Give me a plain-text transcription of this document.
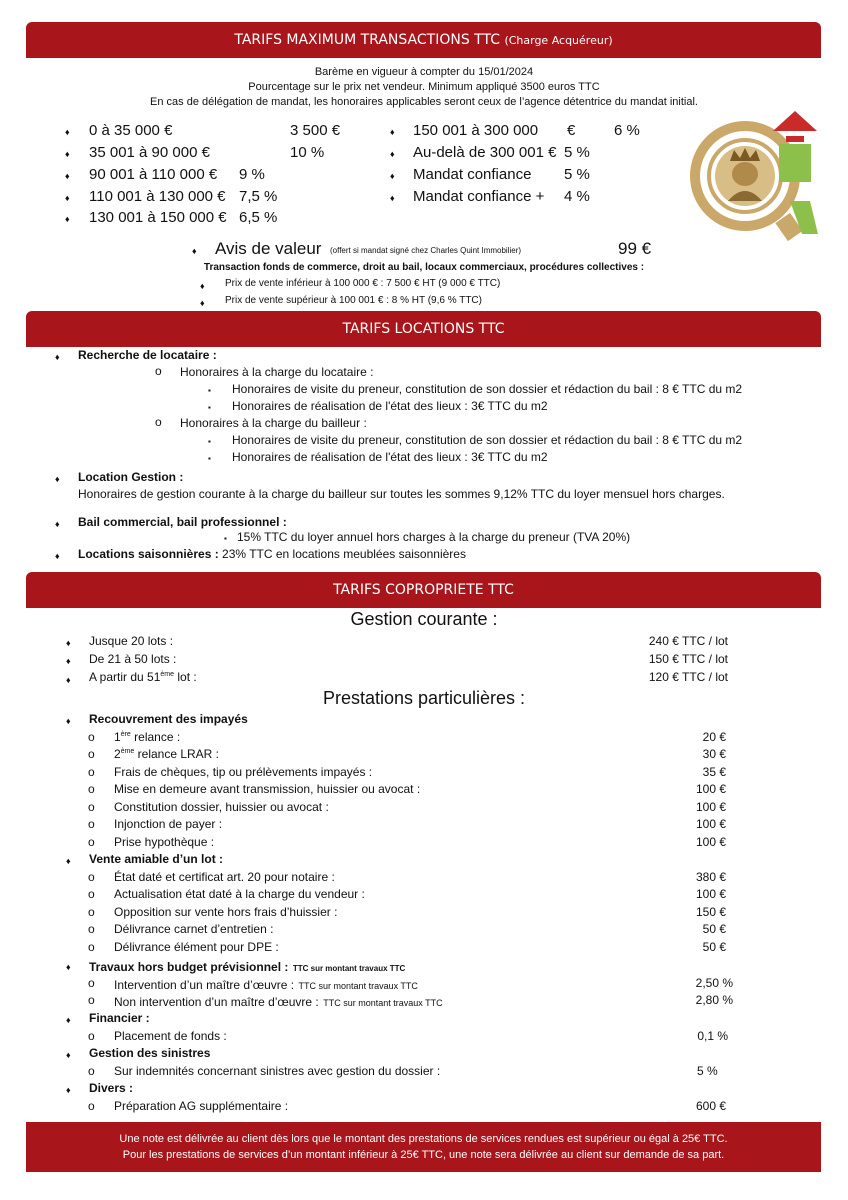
TARIFS MAXIMUM TRANSACTIONS TTC (Charge Acquéreur)
Barème en vigueur à compter du 15/01/2024
Pourcentage sur le prix net vendeur. Minimum appliqué 3500 euros TTC
En cas de délégation de mandat, les honoraires applicables seront ceux de l’agence détentrice du mandat initial.
♦ 0 à 35 000 €	3 500 €
♦ 35 001 à 90 000 €	10 %
♦ 90 001 à 110 000 € 9 %
♦ 110 001 à 130 000 € 7,5 %
♦ 130 001 à 150 000 € 6,5 %
♦ 150 001 à 300 000 €	6 %
♦ Au-delà de 300 001 € 5 %
♦ Mandat confiance 5 %
♦ Mandat confiance + 4 %
♦ Avis de valeur (offert si mandat signé chez Charles Quint Immobilier)	99 €
Transaction fonds de commerce, droit au bail, locaux commerciaux, procédures collectives :
♦ Prix de vente inférieur à 100 000 € : 7 500 € HT (9 000 € TTC)
♦ Prix de vente supérieur à 100 001 € : 8 % HT (9,6 % TTC)
TARIFS LOCATIONS TTC
♦ Recherche de locataire :
o Honoraires à la charge du locataire :
▪ Honoraires de visite du preneur, constitution de son dossier et rédaction du bail : 8 € TTC du m2
▪ Honoraires de réalisation de l'état des lieux : 3€ TTC du m2
o Honoraires à la charge du bailleur :
▪ Honoraires de visite du preneur, constitution de son dossier et rédaction du bail : 8 € TTC du m2
▪ Honoraires de réalisation de l'état des lieux : 3€ TTC du m2
♦ Location Gestion :
Honoraires de gestion courante à la charge du bailleur sur toutes les sommes 9,12% TTC du loyer mensuel hors charges.
♦ Bail commercial, bail professionnel :
▪ 15% TTC du loyer annuel hors charges à la charge du preneur (TVA 20%)
♦ Locations saisonnières : 23% TTC en locations meublées saisonnières
TARIFS COPROPRIETE TTC
Gestion courante :
♦ Jusque 20 lots :	240 € TTC / lot
♦ De 21 à 50 lots :	150 € TTC / lot
♦ A partir du 51ème lot :	120 € TTC / lot
Prestations particulières :
♦ Recouvrement des impayés
o 1ère relance :	20 €
o 2ème relance LRAR :	30 €
o Frais de chèques, tip ou prélèvements impayés :	35 €
o Mise en demeure avant transmission, huissier ou avocat :	100 €
o Constitution dossier, huissier ou avocat :	100 €
o Injonction de payer :	100 €
o Prise hypothèque :	100 €
♦ Vente amiable d’un lot :
o État daté et certificat art. 20 pour notaire :	380 €
o Actualisation état daté à la charge du vendeur :	100 €
o Opposition sur vente hors frais d’huissier :	150 €
o Délivrance carnet d’entretien :	50 €
o Délivrance élément pour DPE :	50 €
♦ Travaux hors budget prévisionnel : TTC sur montant travaux TTC
o Intervention d’un maître d’œuvre : TTC sur montant travaux TTC	2,50 %
o Non intervention d’un maître d’œuvre : TTC sur montant travaux TTC	2,80 %
♦ Financier :
o Placement de fonds :	0,1 %
♦ Gestion des sinistres
o Sur indemnités concernant sinistres avec gestion du dossier :	5 %
♦ Divers :
o Préparation AG supplémentaire :	600 €
Une note est délivrée au client dès lors que le montant des prestations de services rendues est supérieur ou égal à 25€ TTC.
Pour les prestations de services d’un montant inférieur à 25€ TTC, une note sera délivrée au client sur demande de sa part.
